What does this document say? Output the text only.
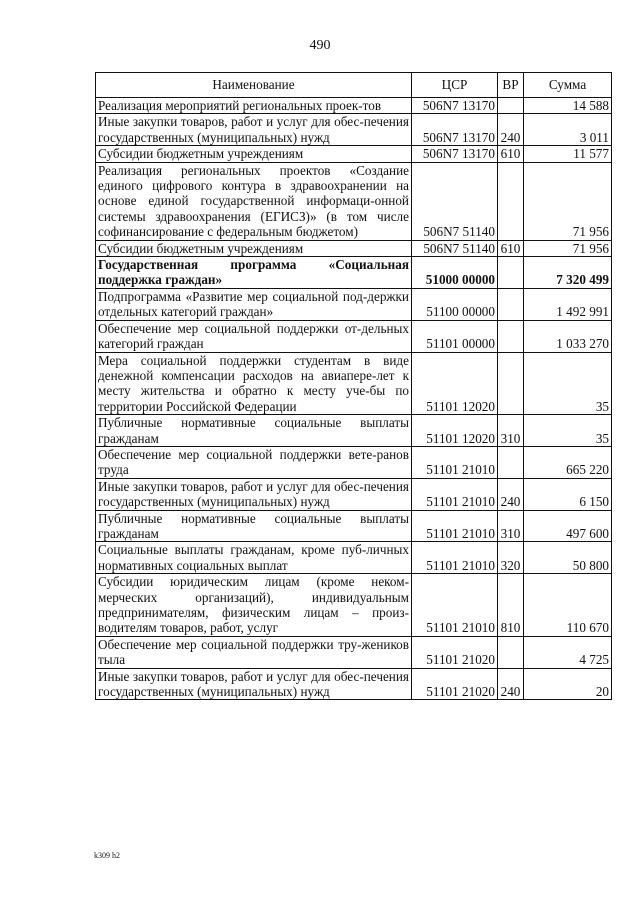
490
Наименование	ЦСР	ВР	Сумма
Реализация мероприятий региональных проек-тов	506N7 13170		14 588
Иные закупки товаров, работ и услуг для обес-печения государственных (муниципальных) нужд	506N7 13170	240	3 011
Субсидии бюджетным учреждениям	506N7 13170	610	11 577
Реализация региональных проектов «Создание единого цифрового контура в здравоохранении на основе единой государственной информаци-онной системы здравоохранения (ЕГИСЗ)» (в том числе софинансирование с федеральным бюджетом)	506N7 51140		71 956
Субсидии бюджетным учреждениям	506N7 51140	610	71 956
Государственная программа «Социальная поддержка граждан»	51000 00000		7 320 499
Подпрограмма «Развитие мер социальной под-держки отдельных категорий граждан»	51100 00000		1 492 991
Обеспечение мер социальной поддержки от-дельных категорий граждан	51101 00000		1 033 270
Мера социальной поддержки студентам в виде денежной компенсации расходов на авиапере-лет к месту жительства и обратно к месту уче-бы по территории Российской Федерации	51101 12020		35
Публичные нормативные социальные выплаты гражданам	51101 12020	310	35
Обеспечение мер социальной поддержки вете-ранов труда	51101 21010		665 220
Иные закупки товаров, работ и услуг для обес-печения государственных (муниципальных) нужд	51101 21010	240	6 150
Публичные нормативные социальные выплаты гражданам	51101 21010	310	497 600
Социальные выплаты гражданам, кроме пуб-личных нормативных социальных выплат	51101 21010	320	50 800
Субсидии юридическим лицам (кроме неком-мерческих организаций), индивидуальным предпринимателям, физическим лицам – произ-водителям товаров, работ, услуг	51101 21010	810	110 670
Обеспечение мер социальной поддержки тру-жеников тыла	51101 21020		4 725
Иные закупки товаров, работ и услуг для обес-печения государственных (муниципальных) нужд	51101 21020	240	20
k309 h2
